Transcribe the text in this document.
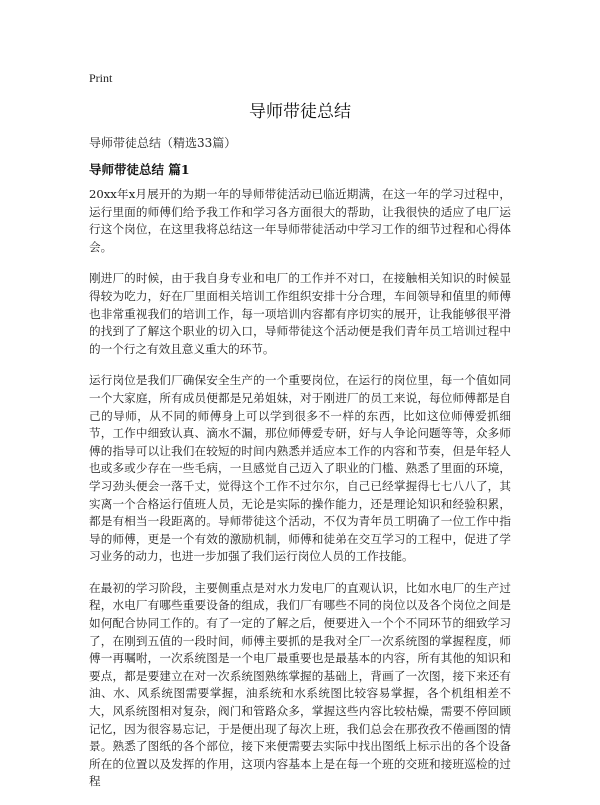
Print
导师带徒总结

导师带徒总结（精选33篇）

导师带徒总结 篇1

20xx年x月展开的为期一年的导师带徒活动已临近期满，在这一年的学习过程中，运行里面的师傅们给予我工作和学习各方面很大的帮助，让我很快的适应了电厂运行这个岗位，在这里我将总结这一年导师带徒活动中学习工作的细节过程和心得体会。

刚进厂的时候，由于我自身专业和电厂的工作并不对口，在接触相关知识的时候显得较为吃力，好在厂里面相关培训工作组织安排十分合理，车间领导和值里的师傅也非常重视我们的培训工作，每一项培训内容都有序切实的展开，让我能够很平滑的找到了了解这个职业的切入口，导师带徒这个活动便是我们青年员工培训过程中的一个行之有效且意义重大的环节。

运行岗位是我们厂确保安全生产的一个重要岗位，在运行的岗位里，每一个值如同一个大家庭，所有成员便都是兄弟姐妹，对于刚进厂的员工来说，每位师傅都是自己的导师，从不同的师傅身上可以学到很多不一样的东西，比如这位师傅爱抓细节，工作中细致认真、滴水不漏，那位师傅爱专研，好与人争论问题等等，众多师傅的指导可以让我们在较短的时间内熟悉并适应本工作的内容和节奏，但是年轻人也或多或少存在一些毛病，一旦感觉自己迈入了职业的门槛、熟悉了里面的环境，学习劲头便会一落千丈，觉得这个工作不过尔尔，自己已经掌握得七七八八了，其实离一个合格运行值班人员，无论是实际的操作能力，还是理论知识和经验积累，都是有相当一段距离的。导师带徒这个活动，不仅为青年员工明确了一位工作中指导的师傅，更是一个有效的激励机制，师傅和徒弟在交互学习的工程中，促进了学习业务的动力，也进一步加强了我们运行岗位人员的工作技能。

在最初的学习阶段，主要侧重点是对水力发电厂的直观认识，比如水电厂的生产过程，水电厂有哪些重要设备的组成，我们厂有哪些不同的岗位以及各个岗位之间是如何配合协同工作的。有了一定的了解之后，便要进入一个个不同环节的细致学习了，在刚到五值的一段时间，师傅主要抓的是我对全厂一次系统图的掌握程度，师傅一再嘱咐，一次系统图是一个电厂最重要也是最基本的内容，所有其他的知识和要点，都是要建立在对一次系统图熟练掌握的基础上，背画了一次图，接下来还有油、水、风系统图需要掌握，油系统和水系统图比较容易掌握，各个机组相差不大，风系统图相对复杂，阀门和管路众多，掌握这些内容比较枯燥，需要不停回顾记忆，因为很容易忘记，于是便出现了每次上班，我们总会在那孜孜不倦画图的情景。熟悉了图纸的各个部位，接下来便需要去实际中找出图纸上标示出的各个设备所在的位置以及发挥的作用，这项内容基本上是在每一个班的交班和接班巡检的过程
